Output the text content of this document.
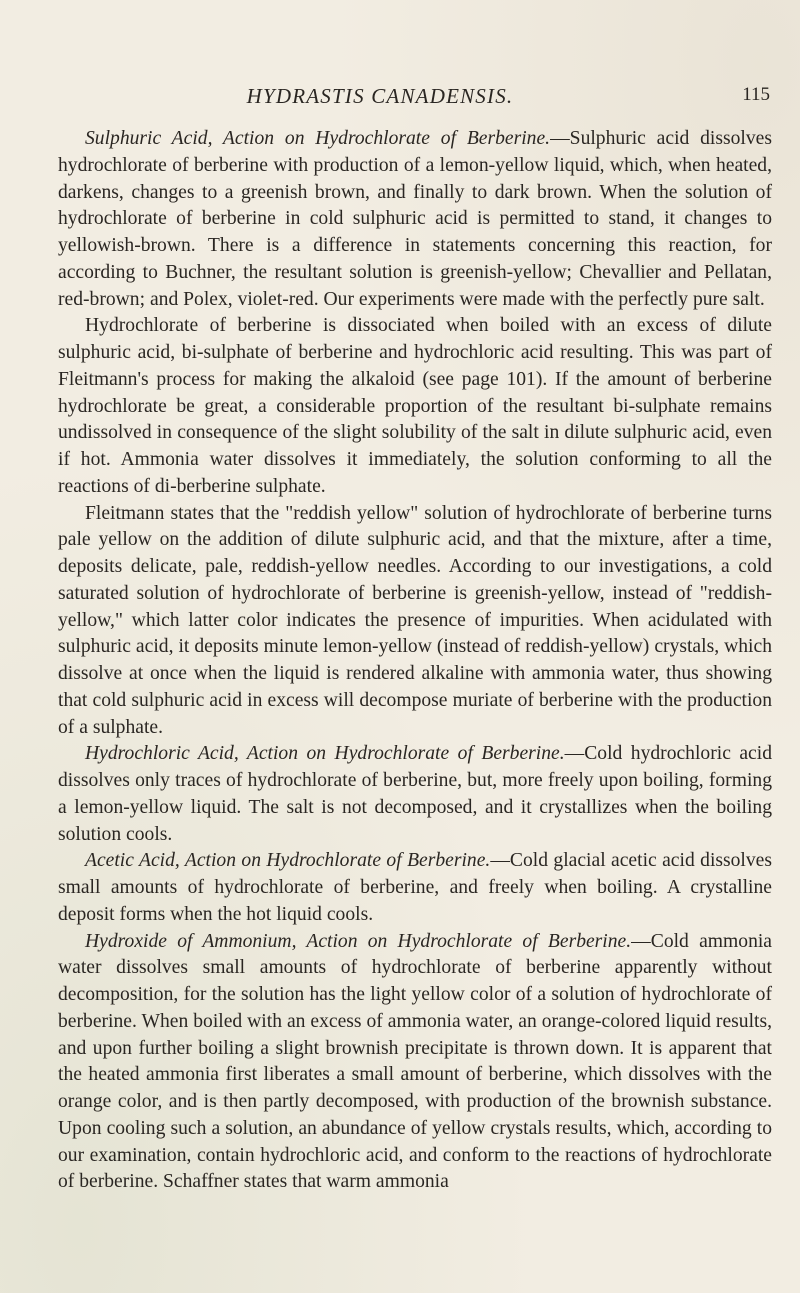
HYDRASTIS CANADENSIS.	115

Sulphuric Acid, Action on Hydrochlorate of Berberine.—Sulphuric acid dissolves hydrochlorate of berberine with production of a lemon-yellow liquid, which, when heated, darkens, changes to a greenish brown, and finally to dark brown. When the solution of hydrochlorate of berberine in cold sulphuric acid is permitted to stand, it changes to yellowish-brown. There is a difference in statements concerning this reaction, for according to Buchner, the resultant solution is greenish-yellow; Chevallier and Pellatan, red-brown; and Polex, violet-red. Our experiments were made with the perfectly pure salt.

Hydrochlorate of berberine is dissociated when boiled with an excess of dilute sulphuric acid, bi-sulphate of berberine and hydrochloric acid resulting. This was part of Fleitmann's process for making the alkaloid (see page 101). If the amount of berberine hydrochlorate be great, a considerable proportion of the resultant bi-sulphate remains undissolved in consequence of the slight solubility of the salt in dilute sulphuric acid, even if hot. Ammonia water dissolves it immediately, the solution conforming to all the reactions of di-berberine sulphate.

Fleitmann states that the "reddish yellow" solution of hydrochlorate of berberine turns pale yellow on the addition of dilute sulphuric acid, and that the mixture, after a time, deposits delicate, pale, reddish-yellow needles. According to our investigations, a cold saturated solution of hydrochlorate of berberine is greenish-yellow, instead of "reddish-yellow," which latter color indicates the presence of impurities. When acidulated with sulphuric acid, it deposits minute lemon-yellow (instead of reddish-yellow) crystals, which dissolve at once when the liquid is rendered alkaline with ammonia water, thus showing that cold sulphuric acid in excess will decompose muriate of berberine with the production of a sulphate.

Hydrochloric Acid, Action on Hydrochlorate of Berberine.—Cold hydrochloric acid dissolves only traces of hydrochlorate of berberine, but, more freely upon boiling, forming a lemon-yellow liquid. The salt is not decomposed, and it crystallizes when the boiling solution cools.

Acetic Acid, Action on Hydrochlorate of Berberine.—Cold glacial acetic acid dissolves small amounts of hydrochlorate of berberine, and freely when boiling. A crystalline deposit forms when the hot liquid cools.

Hydroxide of Ammonium, Action on Hydrochlorate of Berberine.—Cold ammonia water dissolves small amounts of hydrochlorate of berberine apparently without decomposition, for the solution has the light yellow color of a solution of hydrochlorate of berberine. When boiled with an excess of ammonia water, an orange-colored liquid results, and upon further boiling a slight brownish precipitate is thrown down. It is apparent that the heated ammonia first liberates a small amount of berberine, which dissolves with the orange color, and is then partly decomposed, with production of the brownish substance. Upon cooling such a solution, an abundance of yellow crystals results, which, according to our examination, contain hydrochloric acid, and conform to the reactions of hydrochlorate of berberine. Schaffner states that warm ammonia
